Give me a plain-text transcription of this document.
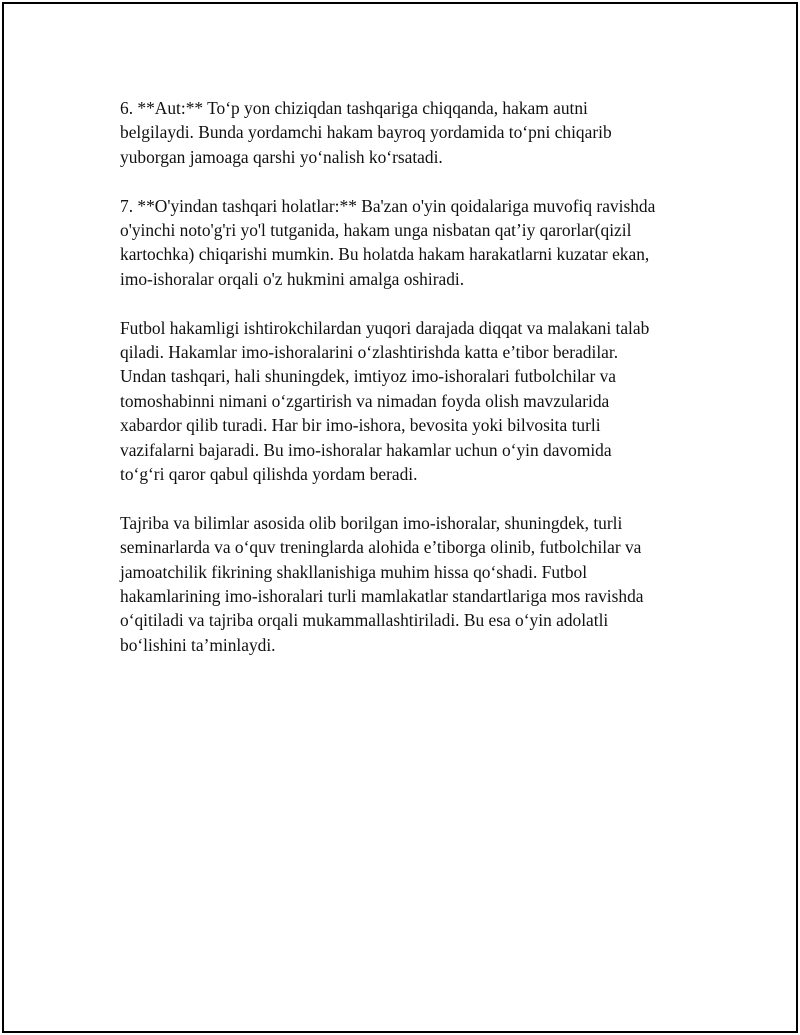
6. **Aut:** To‘p yon chiziqdan tashqariga chiqqanda, hakam autni
belgilaydi. Bunda yordamchi hakam bayroq yordamida to‘pni chiqarib
yuborgan jamoaga qarshi yo‘nalish ko‘rsatadi.

7. **O'yindan tashqari holatlar:** Ba'zan o'yin qoidalariga muvofiq ravishda
o'yinchi noto'g'ri yo'l tutganida, hakam unga nisbatan qat’iy qarorlar(qizil
kartochka) chiqarishi mumkin. Bu holatda hakam harakatlarni kuzatar ekan,
imo-ishoralar orqali o'z hukmini amalga oshiradi.

Futbol hakamligi ishtirokchilardan yuqori darajada diqqat va malakani talab
qiladi. Hakamlar imo-ishoralarini o‘zlashtirishda katta e’tibor beradilar.
Undan tashqari, hali shuningdek, imtiyoz imo-ishoralari futbolchilar va
tomoshabinni nimani o‘zgartirish va nimadan foyda olish mavzularida
xabardor qilib turadi. Har bir imo-ishora, bevosita yoki bilvosita turli
vazifalarni bajaradi. Bu imo-ishoralar hakamlar uchun o‘yin davomida
to‘g‘ri qaror qabul qilishda yordam beradi.

Tajriba va bilimlar asosida olib borilgan imo-ishoralar, shuningdek, turli
seminarlarda va o‘quv treninglarda alohida e’tiborga olinib, futbolchilar va
jamoatchilik fikrining shakllanishiga muhim hissa qo‘shadi. Futbol
hakamlarining imo-ishoralari turli mamlakatlar standartlariga mos ravishda
o‘qitiladi va tajriba orqali mukammallashtiriladi. Bu esa o‘yin adolatli
bo‘lishini ta’minlaydi.
